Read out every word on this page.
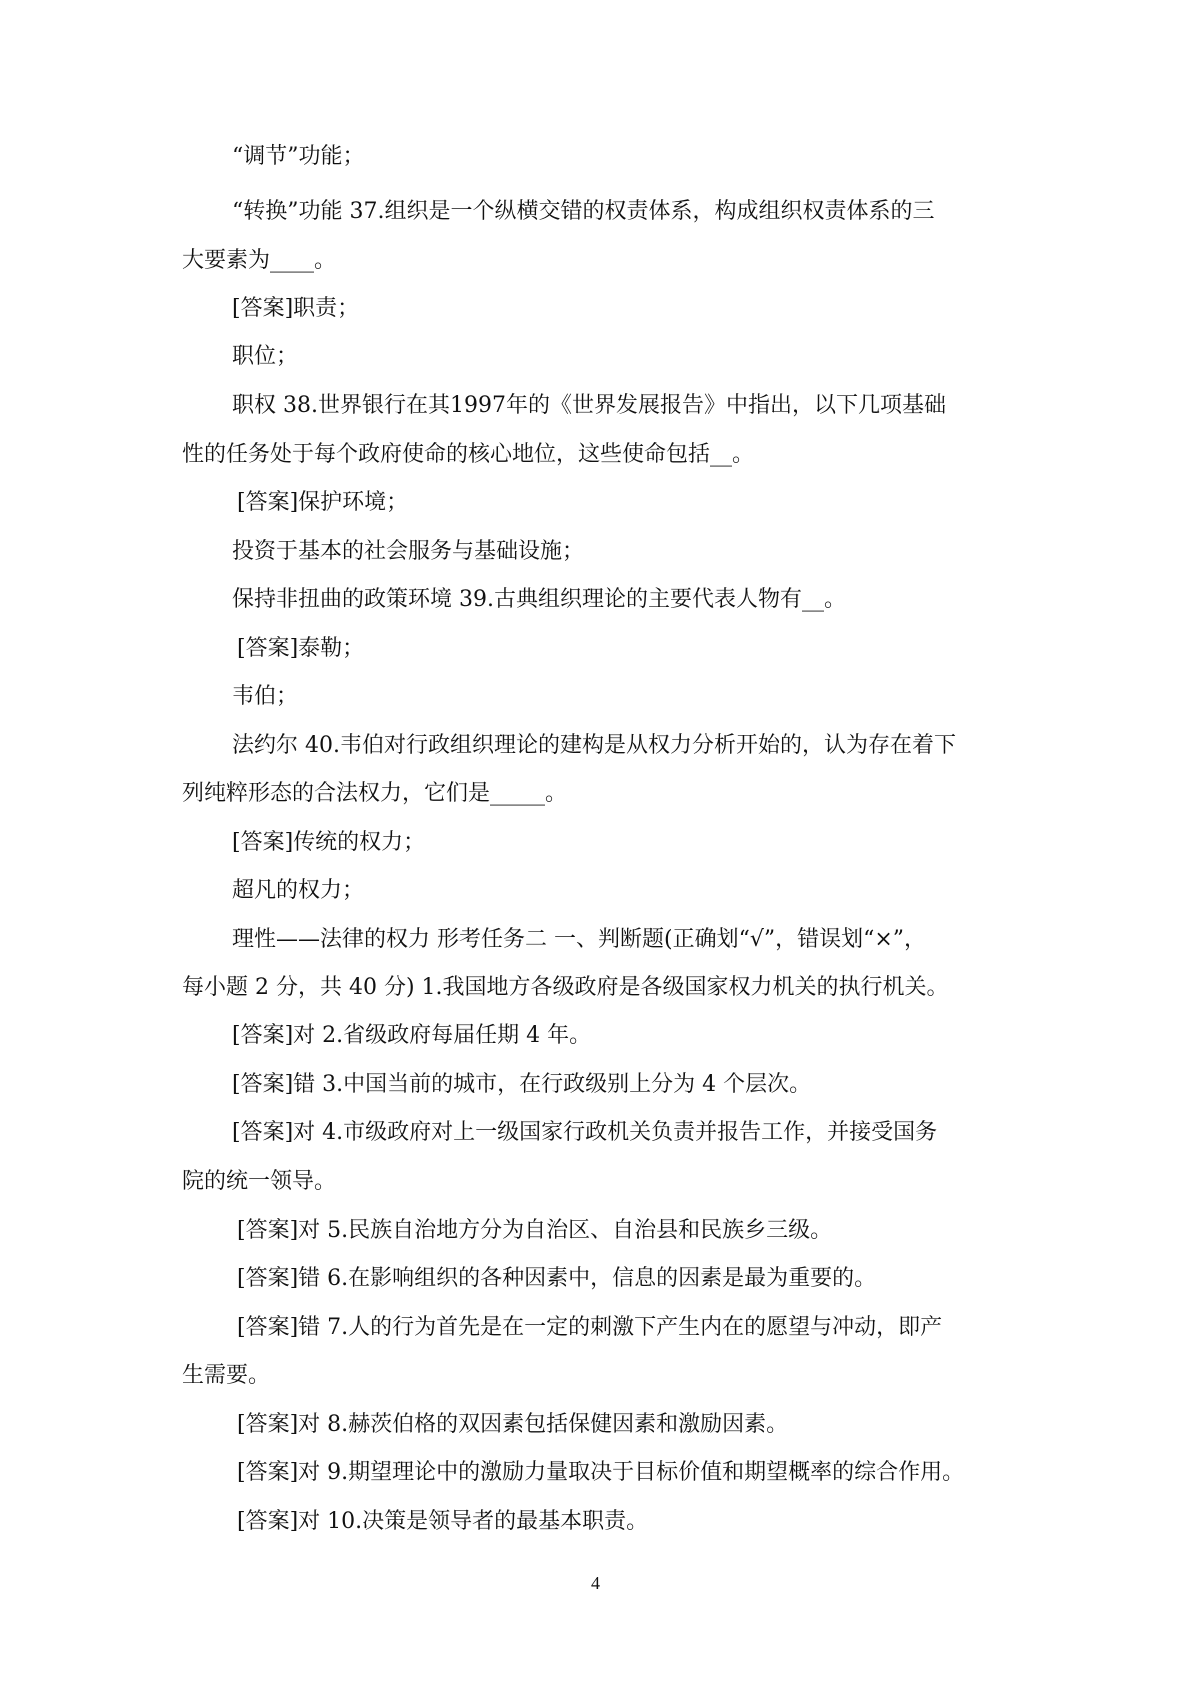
“调节”功能；
“转换”功能 37.组织是一个纵横交错的权责体系，构成组织权责体系的三
大要素为____。
[答案]职责；
职位；
职权 38.世界银行在其1997年的《世界发展报告》中指出，以下几项基础
性的任务处于每个政府使命的核心地位，这些使命包括__。
[答案]保护环境；
投资于基本的社会服务与基础设施；
保持非扭曲的政策环境 39.古典组织理论的主要代表人物有__。
[答案]泰勒；
韦伯；
法约尔 40.韦伯对行政组织理论的建构是从权力分析开始的，认为存在着下
列纯粹形态的合法权力，它们是_____。
[答案]传统的权力；
超凡的权力；
理性——法律的权力 形考任务二 一、判断题(正确划“√”，错误划“×”，
每小题 2 分，共 40 分) 1.我国地方各级政府是各级国家权力机关的执行机关。
[答案]对 2.省级政府每届任期 4 年。
[答案]错 3.中国当前的城市，在行政级别上分为 4 个层次。
[答案]对 4.市级政府对上一级国家行政机关负责并报告工作，并接受国务
院的统一领导。
[答案]对 5.民族自治地方分为自治区、自治县和民族乡三级。
[答案]错 6.在影响组织的各种因素中，信息的因素是最为重要的。
[答案]错 7.人的行为首先是在一定的刺激下产生内在的愿望与冲动，即产
生需要。
[答案]对 8.赫茨伯格的双因素包括保健因素和激励因素。
[答案]对 9.期望理论中的激励力量取决于目标价值和期望概率的综合作用。
[答案]对 10.决策是领导者的最基本职责。
4
